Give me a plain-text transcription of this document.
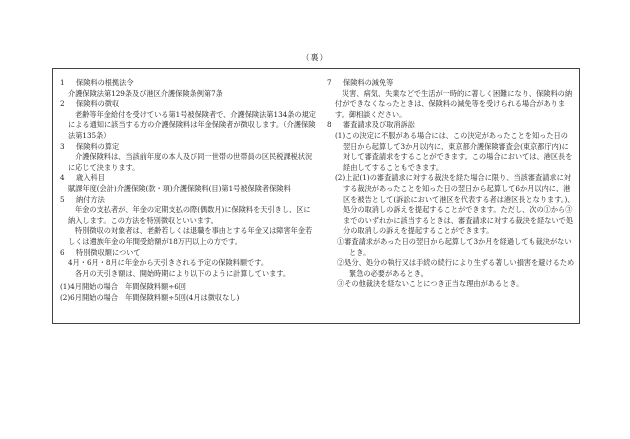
（裏）
1 保険料の根拠法令
介護保険法第129条及び港区介護保険条例第7条
2 保険料の徴収
老齢等年金給付を受けている第1号被保険者で、介護保険法第134条の規定による通知に該当する方の介護保険料は年金保険者が徴収します。（介護保険法第135条）
3 保険料の算定
介護保険料は、当該前年度の本人及び同一世帯の世帯員の区民税課税状況に応じて決まります。
4 歳入科目
賦課年度(会計)介護保険(款・項)介護保険料(目)第1号被保険者保険料
5 納付方法
年金の支払者が、年金の定期支払の際(偶数月)に保険料を天引きし、区に納入します。この方法を特別徴収といいます。
特別徴収の対象者は、老齢若しくは退職を事由とする年金又は障害年金若しくは遺族年金の年間受給額が18万円以上の方です。
6 特別徴収額について
4月・6月・8月に年金から天引きされる予定の保険料額です。
各月の天引き額は、開始時期により以下のように計算しています。
(1)4月開始の場合　年間保険料額÷6回
(2)6月開始の場合　年間保険料額÷5回(4月は徴収なし)
7 保険料の減免等
災害、病気、失業などで生活が一時的に著しく困難になり、保険料の納付ができなくなったときは、保険料の減免等を受けられる場合があります。御相談ください。
8 審査請求及び取消訴訟
(1)この決定に不服がある場合には、この決定があったことを知った日の翌日から起算して3か月以内に、東京都介護保険審査会(東京都庁内)に対して審査請求をすることができます。この場合においては、港区長を経由してすることもできます。
(2)上記(1)の審査請求に対する裁決を経た場合に限り、当該審査請求に対する裁決があったことを知った日の翌日から起算して6か月以内に、港区を被告として(訴訟において港区を代表する者は港区長となります。)、処分の取消しの訴えを提起することができます。ただし、次の①から③までのいずれかに該当するときは、審査請求に対する裁決を経ないで処分の取消しの訴えを提起することができます。
①審査請求があった日の翌日から起算して3か月を経過しても裁決がないとき。
②処分、処分の執行又は手続の続行により生ずる著しい損害を避けるため緊急の必要があるとき。
③その他裁決を経ないことにつき正当な理由があるとき。
